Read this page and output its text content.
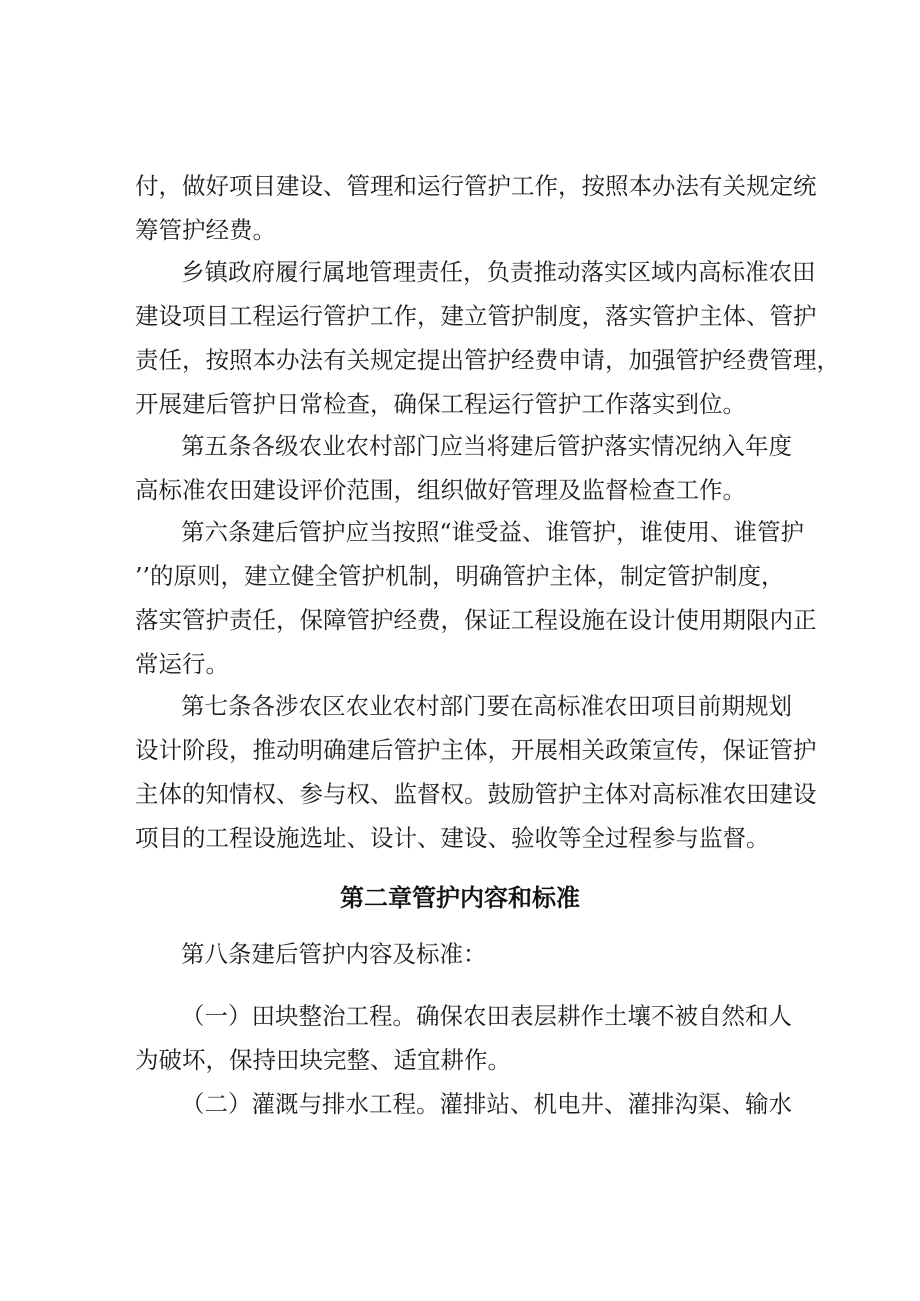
付，做好项目建设、管理和运行管护工作，按照本办法有关规定统

筹管护经费。

乡镇政府履行属地管理责任，负责推动落实区域内高标准农田

建设项目工程运行管护工作，建立管护制度，落实管护主体、管护

责任，按照本办法有关规定提出管护经费申请，加强管护经费管理，

开展建后管护日常检查，确保工程运行管护工作落实到位。

第五条各级农业农村部门应当将建后管护落实情况纳入年度

高标准农田建设评价范围，组织做好管理及监督检查工作。

第六条建后管护应当按照“谁受益、谁管护，谁使用、谁管护

’’的原则，建立健全管护机制，明确管护主体，制定管护制度，

落实管护责任，保障管护经费，保证工程设施在设计使用期限内正

常运行。

第七条各涉农区农业农村部门要在高标准农田项目前期规划

设计阶段，推动明确建后管护主体，开展相关政策宣传，保证管护

主体的知情权、参与权、监督权。鼓励管护主体对高标准农田建设

项目的工程设施选址、设计、建设、验收等全过程参与监督。

第二章管护内容和标准

第八条建后管护内容及标准：

（一）田块整治工程。确保农田表层耕作土壤不被自然和人

为破坏，保持田块完整、适宜耕作。

（二）灌溉与排水工程。灌排站、机电井、灌排沟渠、输水
